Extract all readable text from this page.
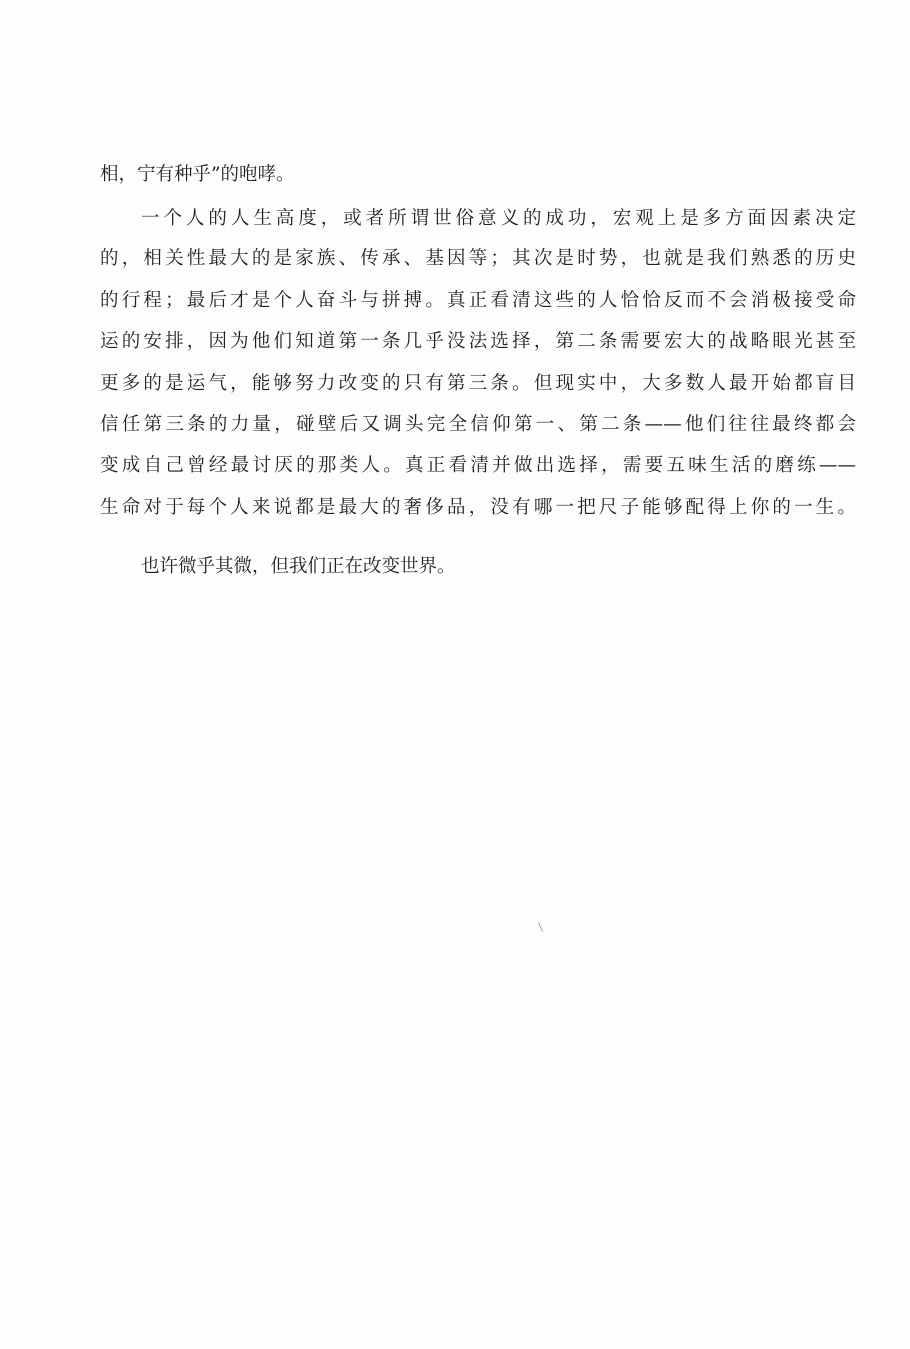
相，宁有种乎”的咆哮。
一个人的人生高度，或者所谓世俗意义的成功，宏观上是多方面因素决定
的，相关性最大的是家族、传承、基因等；其次是时势，也就是我们熟悉的历史
的行程；最后才是个人奋斗与拼搏。真正看清这些的人恰恰反而不会消极接受命
运的安排，因为他们知道第一条几乎没法选择，第二条需要宏大的战略眼光甚至
更多的是运气，能够努力改变的只有第三条。但现实中，大多数人最开始都盲目
信任第三条的力量，碰壁后又调头完全信仰第一、第二条——他们往往最终都会
变成自己曾经最讨厌的那类人。真正看清并做出选择，需要五味生活的磨练——
生命对于每个人来说都是最大的奢侈品，没有哪一把尺子能够配得上你的一生。
也许微乎其微，但我们正在改变世界。
